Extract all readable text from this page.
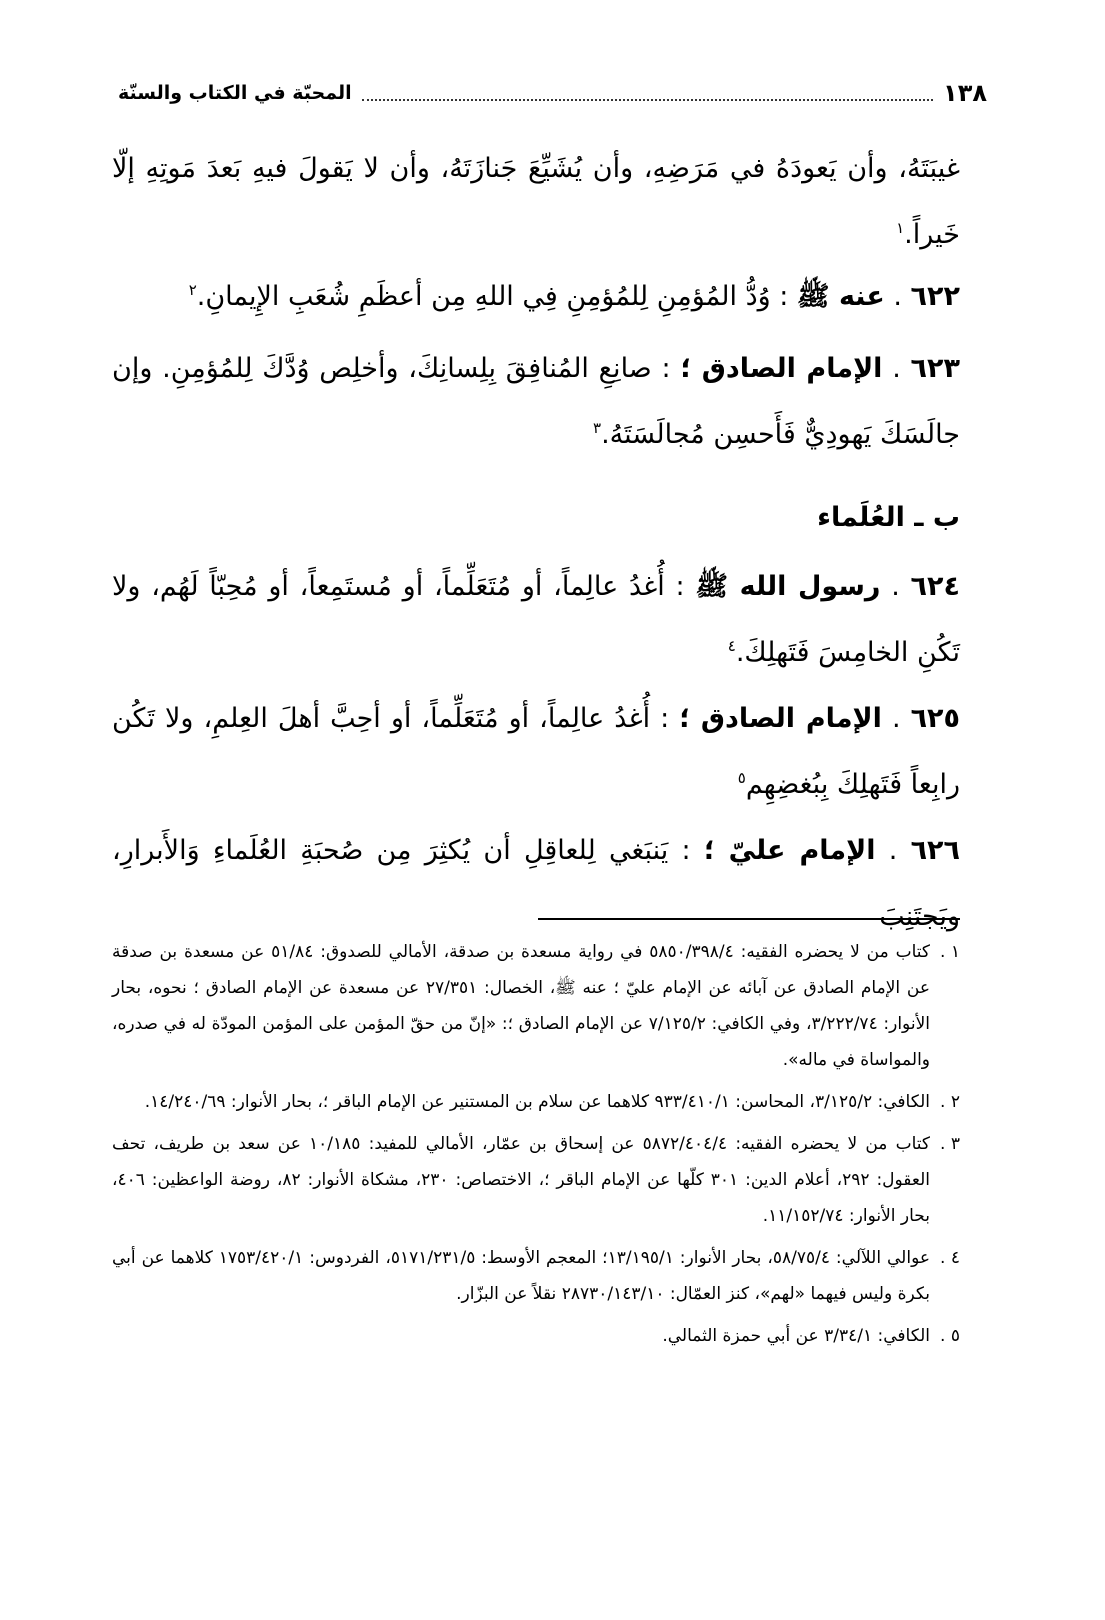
١٣٨
المحبّة في الكتاب والسنّة
غيبَتَهُ، وأن يَعودَهُ في مَرَضِهِ، وأن يُشَيِّعَ جَنازَتَهُ، وأن لا يَقولَ فيهِ بَعدَ مَوتِهِ إلّا خَيراً.$^١$
٦٢٢ . عنه ﷺ : وُدُّ المُؤمِنِ لِلمُؤمِنِ فِي اللهِ مِن أعظَمِ شُعَبِ الإِيمانِ.$^٢$
٦٢٣ . الإمام الصادق ؛ : صانِعِ المُنافِقَ بِلِسانِكَ، وأخلِص وُدَّكَ لِلمُؤمِنِ. وإن جالَسَكَ يَهودِيٌّ فَأَحسِن مُجالَسَتَهُ.$^٣$
ب ـ العُلَماء
٦٢٤ . رسول الله ﷺ : أُغدُ عالِماً، أو مُتَعَلِّماً، أو مُستَمِعاً، أو مُحِبّاً لَهُم، ولا تَكُنِ الخامِسَ فَتَهلِكَ.$^٤$
٦٢٥ . الإمام الصادق ؛ : أُغدُ عالِماً، أو مُتَعَلِّماً، أو أحِبَّ أهلَ العِلمِ، ولا تَكُن رابِعاً فَتَهلِكَ بِبُغضِهِم$^٥$
٦٢٦ . الإمام عليّ ؛ : يَنبَغي لِلعاقِلِ أن يُكثِرَ مِن صُحبَةِ العُلَماءِ وَالأَبرارِ، ويَجتَنِبَ
١ .
كتاب من لا يحضره الفقيه: ٥٨٥٠/٣٩٨/٤ في رواية مسعدة بن صدقة، الأمالي للصدوق: ٥١/٨٤ عن مسعدة بن صدقة عن الإمام الصادق عن آبائه عن الإمام عليّ ؛ عنه ﷺ، الخصال: ٢٧/٣٥١ عن مسعدة عن الإمام الصادق ؛ نحوه، بحار الأنوار: ٣/٢٢٢/٧٤، وفي الكافي: ٧/١٢٥/٢ عن الإمام الصادق ؛: «إنّ من حقّ المؤمن على المؤمن المودّة له في صدره، والمواساة في ماله».
٢ .
الكافي: ٣/١٢٥/٢، المحاسن: ٩٣٣/٤١٠/١ كلاهما عن سلام بن المستنير عن الإمام الباقر ؛، بحار الأنوار: ١٤/٢٤٠/٦٩.
٣ .
كتاب من لا يحضره الفقيه: ٥٨٧٢/٤٠٤/٤ عن إسحاق بن عمّار، الأمالي للمفيد: ١٠/١٨٥ عن سعد بن طريف، تحف العقول: ٢٩٢، أعلام الدين: ٣٠١ كلّها عن الإمام الباقر ؛، الاختصاص: ٢٣٠، مشكاة الأنوار: ٨٢، روضة الواعظين: ٤٠٦، بحار الأنوار: ١١/١٥٢/٧٤.
٤ .
عوالي اللآلي: ٥٨/٧٥/٤، بحار الأنوار: ١٣/١٩٥/١؛ المعجم الأوسط: ٥١٧١/٢٣١/٥، الفردوس: ١٧٥٣/٤٢٠/١ كلاهما عن أبي بكرة وليس فيهما «لهم»، كنز العمّال: ٢٨٧٣٠/١٤٣/١٠ نقلاً عن البزّار.
٥ .
الكافي: ٣/٣٤/١ عن أبي حمزة الثمالي.
